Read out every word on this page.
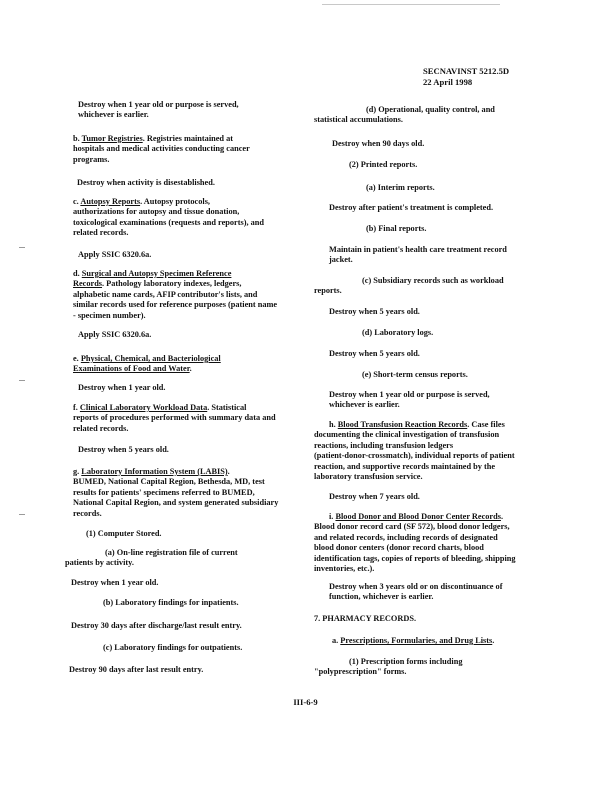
SECNAVINST 5212.5D
22 April 1998

Destroy when 1 year old or purpose is served,
whichever is earlier.

b. Tumor Registries. Registries maintained at
hospitals and medical activities conducting cancer
programs.

Destroy when activity is disestablished.

c. Autopsy Reports. Autopsy protocols,
authorizations for autopsy and tissue donation,
toxicological examinations (requests and reports), and
related records.

Apply SSIC 6320.6a.

d. Surgical and Autopsy Specimen Reference
Records. Pathology laboratory indexes, ledgers,
alphabetic name cards, AFIP contributor's lists, and
similar records used for reference purposes (patient name
- specimen number).

Apply SSIC 6320.6a.

e. Physical, Chemical, and Bacteriological
Examinations of Food and Water.

Destroy when 1 year old.

f. Clinical Laboratory Workload Data. Statistical
reports of procedures performed with summary data and
related records.

Destroy when 5 years old.

g. Laboratory Information System (LABIS).
BUMED, National Capital Region, Bethesda, MD, test
results for patients' specimens referred to BUMED,
National Capital Region, and system generated subsidiary
records.

(1) Computer Stored.

(a) On-line registration file of current
patients by activity.

Destroy when 1 year old.

(b) Laboratory findings for inpatients.

Destroy 30 days after discharge/last result entry.

(c) Laboratory findings for outpatients.

Destroy 90 days after last result entry.

(d) Operational, quality control, and
statistical accumulations.

Destroy when 90 days old.

(2) Printed reports.

(a) Interim reports.

Destroy after patient's treatment is completed.

(b) Final reports.

Maintain in patient's health care treatment record
jacket.

(c) Subsidiary records such as workload
reports.

Destroy when 5 years old.

(d) Laboratory logs.

Destroy when 5 years old.

(e) Short-term census reports.

Destroy when 1 year old or purpose is served,
whichever is earlier.

h. Blood Transfusion Reaction Records. Case files
documenting the clinical investigation of transfusion
reactions, including transfusion ledgers
(patient-donor-crossmatch), individual reports of patient
reaction, and supportive records maintained by the
laboratory transfusion service.

Destroy when 7 years old.

i. Blood Donor and Blood Donor Center Records.
Blood donor record card (SF 572), blood donor ledgers,
and related records, including records of designated
blood donor centers (donor record charts, blood
identification tags, copies of reports of bleeding, shipping
inventories, etc.).

Destroy when 3 years old or on discontinuance of
function, whichever is earlier.

7. PHARMACY RECORDS.

a. Prescriptions, Formularies, and Drug Lists.

(1) Prescription forms including
"polyprescription" forms.

III-6-9
